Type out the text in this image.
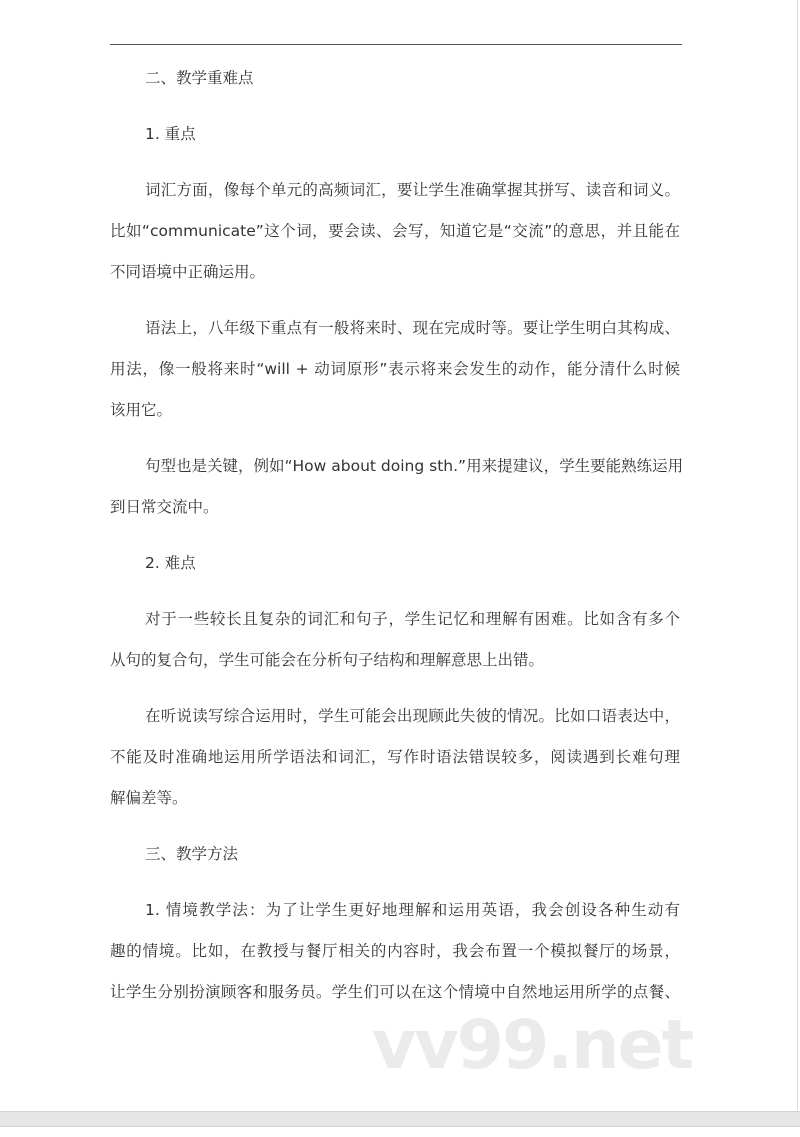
二、教学重难点
1. 重点
词汇方面，像每个单元的高频词汇，要让学生准确掌握其拼写、读音和词义。
比如“communicate”这个词，要会读、会写，知道它是“交流”的意思，并且能在
不同语境中正确运用。
语法上，八年级下重点有一般将来时、现在完成时等。要让学生明白其构成、
用法，像一般将来时“will + 动词原形”表示将来会发生的动作，能分清什么时候
该用它。
句型也是关键，例如“How about doing sth.”用来提建议，学生要能熟练运用
到日常交流中。
2. 难点
对于一些较长且复杂的词汇和句子，学生记忆和理解有困难。比如含有多个
从句的复合句，学生可能会在分析句子结构和理解意思上出错。
在听说读写综合运用时，学生可能会出现顾此失彼的情况。比如口语表达中，
不能及时准确地运用所学语法和词汇，写作时语法错误较多，阅读遇到长难句理
解偏差等。
三、教学方法
1. 情境教学法：为了让学生更好地理解和运用英语，我会创设各种生动有
趣的情境。比如，在教授与餐厅相关的内容时，我会布置一个模拟餐厅的场景，
让学生分别扮演顾客和服务员。学生们可以在这个情境中自然地运用所学的点餐、
vv99.net
